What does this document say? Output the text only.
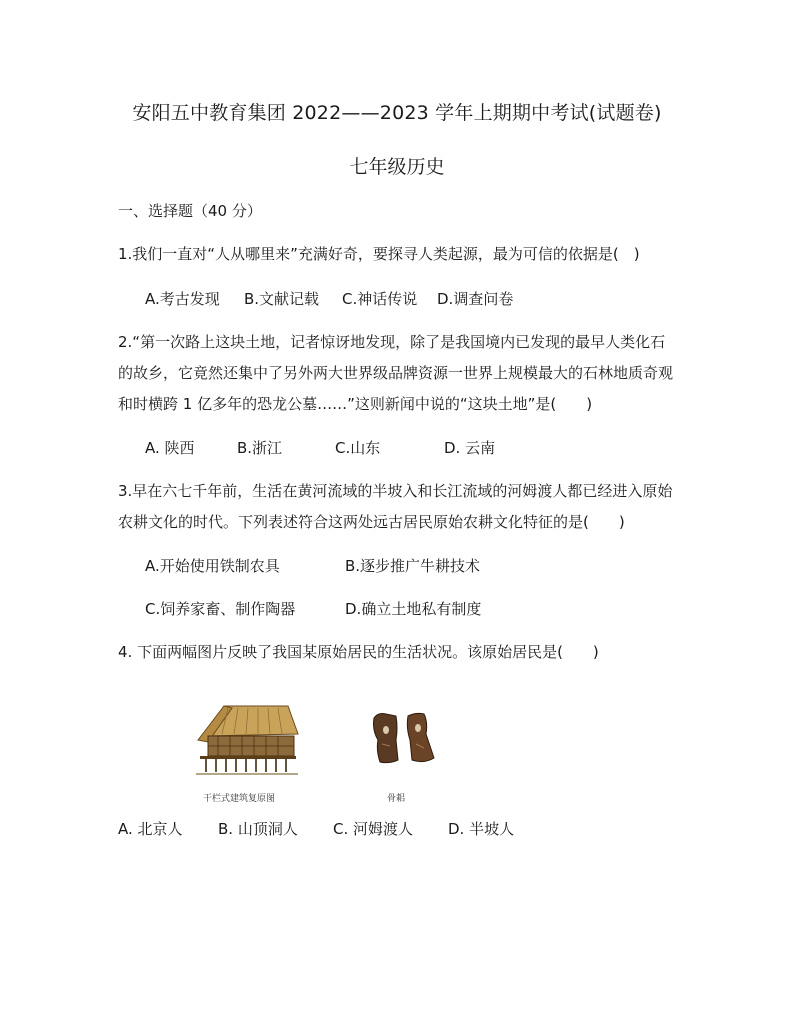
安阳五中教育集团 2022——2023 学年上期期中考试(试题卷)
七年级历史
一、选择题（40 分）
1.我们一直对“人从哪里来”充满好奇，要探寻人类起源，最为可信的依据是(　)
A.考古发现 B.文献记载 C.神话传说 D.调查问卷
2.“第一次路上这块土地，记者惊讶地发现，除了是我国境内已发现的最早人类化石的故乡，它竟然还集中了另外两大世界级品牌资源一世界上规模最大的石林地质奇观和时横跨 1 亿多年的恐龙公墓……”这则新闻中说的“这块土地”是(　　)
A. 陕西	B.浙江	C.山东	D. 云南
3.早在六七千年前，生活在黄河流域的半坡入和长江流域的河姆渡人都已经进入原始农耕文化的时代。下列表述符合这两处远古居民原始农耕文化特征的是(　　)
A.开始使用铁制农具	B.逐步推广牛耕技术
C.饲养家畜、制作陶器	D.确立土地私有制度
4. 下面两幅图片反映了我国某原始居民的生活状况。该原始居民是(　　)
干栏式建筑复原图	骨耜
A. 北京人 B. 山顶洞人 C. 河姆渡人 D. 半坡人
